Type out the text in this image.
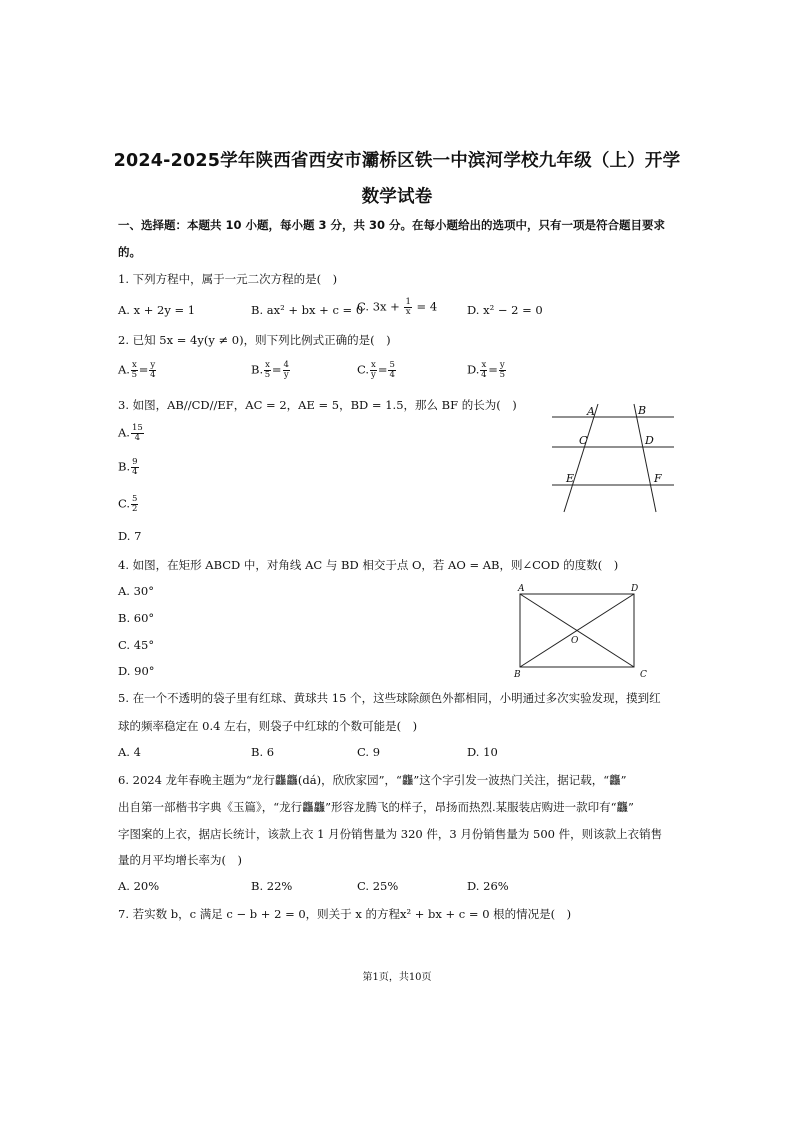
2024-2025学年陕西省西安市灞桥区铁一中滨河学校九年级（上）开学
数学试卷
一、选择题：本题共 10 小题，每小题 3 分，共 30 分。在每小题给出的选项中，只有一项是符合题目要求
的。
1. 下列方程中，属于一元二次方程的是(　)
A. x + 2y = 1	B. ax² + bx + c = 0
C. $3x + \frac{1}{x} = 4$	D. x² − 2 = 0
2. 已知 5x = 4y(y ≠ 0)，则下列比例式正确的是(　)
A. $\frac{x}{5} = \frac{y}{4}$	B. $\frac{x}{5} = \frac{4}{y}$	C. $\frac{x}{y} = \frac{5}{4}$	D. $\frac{x}{4} = \frac{y}{5}$
3. 如图，AB//CD//EF，AC = 2，AE = 5，BD = 1.5，那么 BF 的长为(　)
A. $\frac{15}{4}$
B. $\frac{9}{4}$
C. $\frac{5}{2}$
D. 7
A	B
C	D
E	F
4. 如图，在矩形 ABCD 中，对角线 AC 与 BD 相交于点 O，若 AO = AB，则∠COD 的度数(　)
A. 30°
B. 60°
C. 45°
D. 90°
A	D
O
B	C
5. 在一个不透明的袋子里有红球、黄球共 15 个，这些球除颜色外都相同，小明通过多次实验发现，摸到红
球的频率稳定在 0.4 左右，则袋子中红球的个数可能是(　)
A. 4	B. 6	C. 9	D. 10
6. 2024 龙年春晚主题为“龙行龘龘(dá)，欣欣家园”，“龘”这个字引发一波热门关注，据记载，“龘”
出自第一部楷书字典《玉篇》，“龙行龘龘”形容龙腾飞的样子，昂扬而热烈.某服装店购进一款印有“龘”
字图案的上衣，据店长统计，该款上衣 1 月份销售量为 320 件，3 月份销售量为 500 件，则该款上衣销售
量的月平均增长率为(　)
A. 20%	B. 22%	C. 25%	D. 26%
7. 若实数 b，c 满足 c − b + 2 = 0，则关于 x 的方程x² + bx + c = 0 根的情况是(　)
第1页，共10页
